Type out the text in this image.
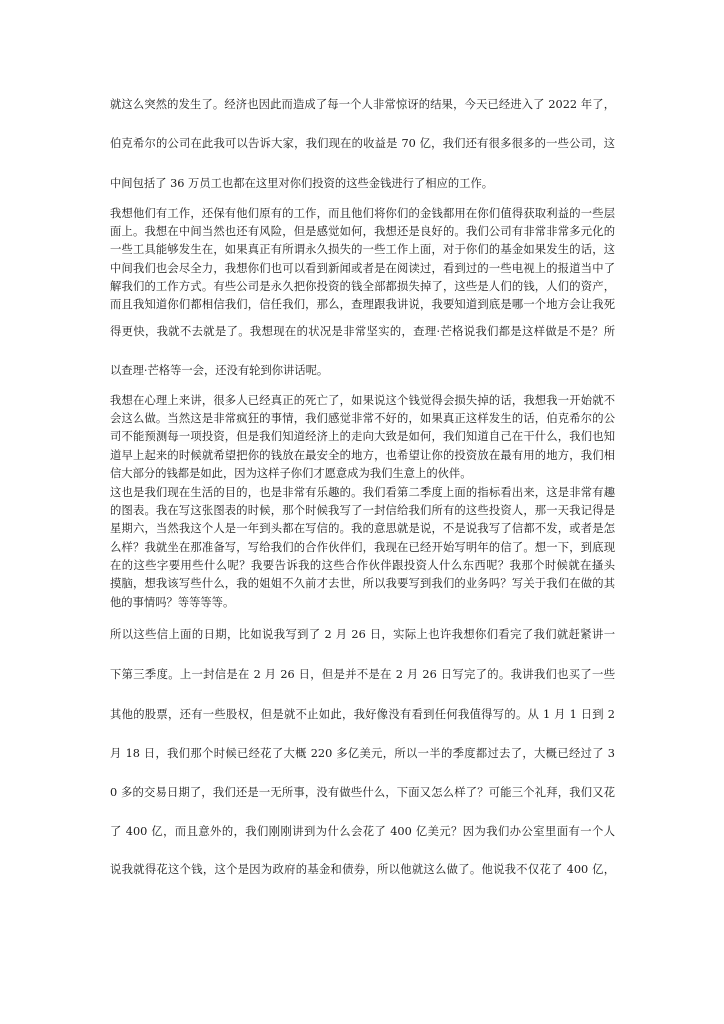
就这么突然的发生了。经济也因此而造成了每一个人非常惊讶的结果，今天已经进入了 2022 年了，
伯克希尔的公司在此我可以告诉大家，我们现在的收益是 70 亿，我们还有很多很多的一些公司，这
中间包括了 36 万员工也都在这里对你们投资的这些金钱进行了相应的工作。
我想他们有工作，还保有他们原有的工作，而且他们将你们的金钱都用在你们值得获取利益的一些层
面上。我想在中间当然也还有风险，但是感觉如何，我想还是良好的。我们公司有非常非常多元化的
一些工具能够发生在，如果真正有所谓永久损失的一些工作上面，对于你们的基金如果发生的话，这
中间我们也会尽全力，我想你们也可以看到新闻或者是在阅读过，看到过的一些电视上的报道当中了
解我们的工作方式。有些公司是永久把你投资的钱全部都损失掉了，这些是人们的钱，人们的资产，
而且我知道你们都相信我们，信任我们，那么，查理跟我讲说，我要知道到底是哪一个地方会让我死
得更快，我就不去就是了。我想现在的状况是非常坚实的，查理·芒格说我们都是这样做是不是？所
以查理·芒格等一会，还没有轮到你讲话呢。
我想在心理上来讲，很多人已经真正的死亡了，如果说这个钱觉得会损失掉的话，我想我一开始就不
会这么做。当然这是非常疯狂的事情，我们感觉非常不好的，如果真正这样发生的话，伯克希尔的公
司不能预测每一项投资，但是我们知道经济上的走向大致是如何，我们知道自己在干什么，我们也知
道早上起来的时候就希望把你的钱放在最安全的地方，也希望让你的投资放在最有用的地方，我们相
信大部分的钱都是如此，因为这样子你们才愿意成为我们生意上的伙伴。
这也是我们现在生活的目的，也是非常有乐趣的。我们看第二季度上面的指标看出来，这是非常有趣
的图表。我在写这张图表的时候，那个时候我写了一封信给我们所有的这些投资人，那一天我记得是
星期六，当然我这个人是一年到头都在写信的。我的意思就是说，不是说我写了信都不发，或者是怎
么样？我就坐在那准备写，写给我们的合作伙伴们，我现在已经开始写明年的信了。想一下，到底现
在的这些字要用些什么呢？我要告诉我的这些合作伙伴跟投资人什么东西呢？我那个时候就在搔头
摸脑，想我该写些什么，我的姐姐不久前才去世，所以我要写到我们的业务吗？写关于我们在做的其
他的事情吗？等等等等。
所以这些信上面的日期，比如说我写到了 2 月 26 日，实际上也许我想你们看完了我们就赶紧讲一
下第三季度。上一封信是在 2 月 26 日，但是并不是在 2 月 26 日写完了的。我讲我们也买了一些
其他的股票，还有一些股权，但是就不止如此，我好像没有看到任何我值得写的。从 1 月 1 日到 2
月 18 日，我们那个时候已经花了大概 220 多亿美元，所以一半的季度都过去了，大概已经过了 3
0 多的交易日期了，我们还是一无所事，没有做些什么，下面又怎么样了？可能三个礼拜，我们又花
了 400 亿，而且意外的，我们刚刚讲到为什么会花了 400 亿美元？因为我们办公室里面有一个人
说我就得花这个钱，这个是因为政府的基金和债券，所以他就这么做了。他说我不仅花了 400 亿，
